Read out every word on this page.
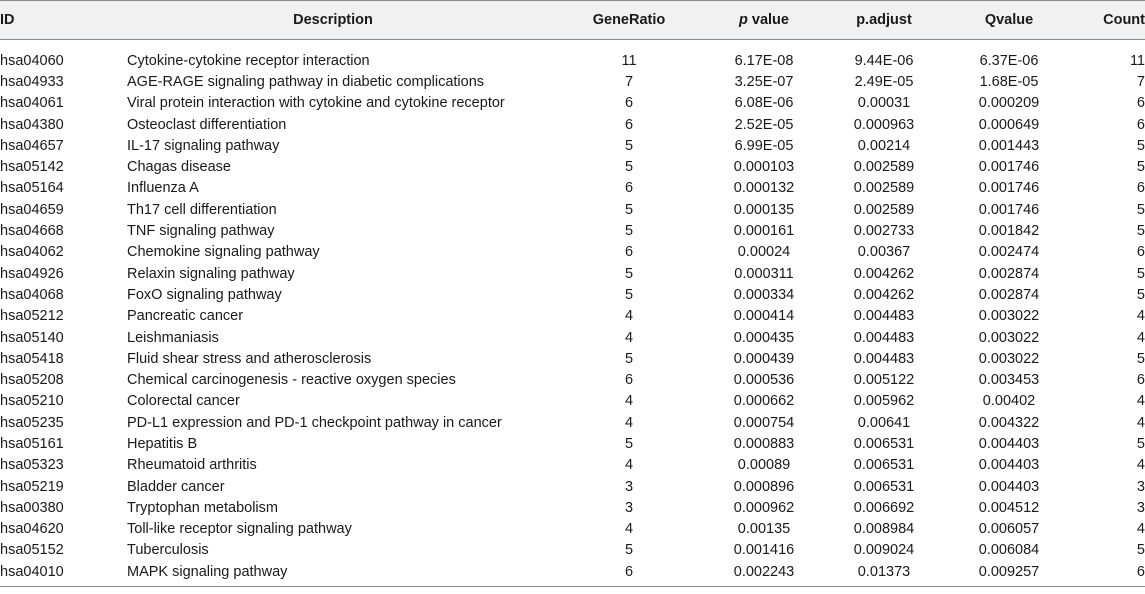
ID	Description	GeneRatio	p value	p.adjust	Qvalue	Count
hsa04060	Cytokine-cytokine receptor interaction	11	6.17E-08	9.44E-06	6.37E-06	11
hsa04933	AGE-RAGE signaling pathway in diabetic complications	7	3.25E-07	2.49E-05	1.68E-05	7
hsa04061	Viral protein interaction with cytokine and cytokine receptor	6	6.08E-06	0.00031	0.000209	6
hsa04380	Osteoclast differentiation	6	2.52E-05	0.000963	0.000649	6
hsa04657	IL-17 signaling pathway	5	6.99E-05	0.00214	0.001443	5
hsa05142	Chagas disease	5	0.000103	0.002589	0.001746	5
hsa05164	Influenza A	6	0.000132	0.002589	0.001746	6
hsa04659	Th17 cell differentiation	5	0.000135	0.002589	0.001746	5
hsa04668	TNF signaling pathway	5	0.000161	0.002733	0.001842	5
hsa04062	Chemokine signaling pathway	6	0.00024	0.00367	0.002474	6
hsa04926	Relaxin signaling pathway	5	0.000311	0.004262	0.002874	5
hsa04068	FoxO signaling pathway	5	0.000334	0.004262	0.002874	5
hsa05212	Pancreatic cancer	4	0.000414	0.004483	0.003022	4
hsa05140	Leishmaniasis	4	0.000435	0.004483	0.003022	4
hsa05418	Fluid shear stress and atherosclerosis	5	0.000439	0.004483	0.003022	5
hsa05208	Chemical carcinogenesis - reactive oxygen species	6	0.000536	0.005122	0.003453	6
hsa05210	Colorectal cancer	4	0.000662	0.005962	0.00402	4
hsa05235	PD-L1 expression and PD-1 checkpoint pathway in cancer	4	0.000754	0.00641	0.004322	4
hsa05161	Hepatitis B	5	0.000883	0.006531	0.004403	5
hsa05323	Rheumatoid arthritis	4	0.00089	0.006531	0.004403	4
hsa05219	Bladder cancer	3	0.000896	0.006531	0.004403	3
hsa00380	Tryptophan metabolism	3	0.000962	0.006692	0.004512	3
hsa04620	Toll-like receptor signaling pathway	4	0.00135	0.008984	0.006057	4
hsa05152	Tuberculosis	5	0.001416	0.009024	0.006084	5
hsa04010	MAPK signaling pathway	6	0.002243	0.01373	0.009257	6
